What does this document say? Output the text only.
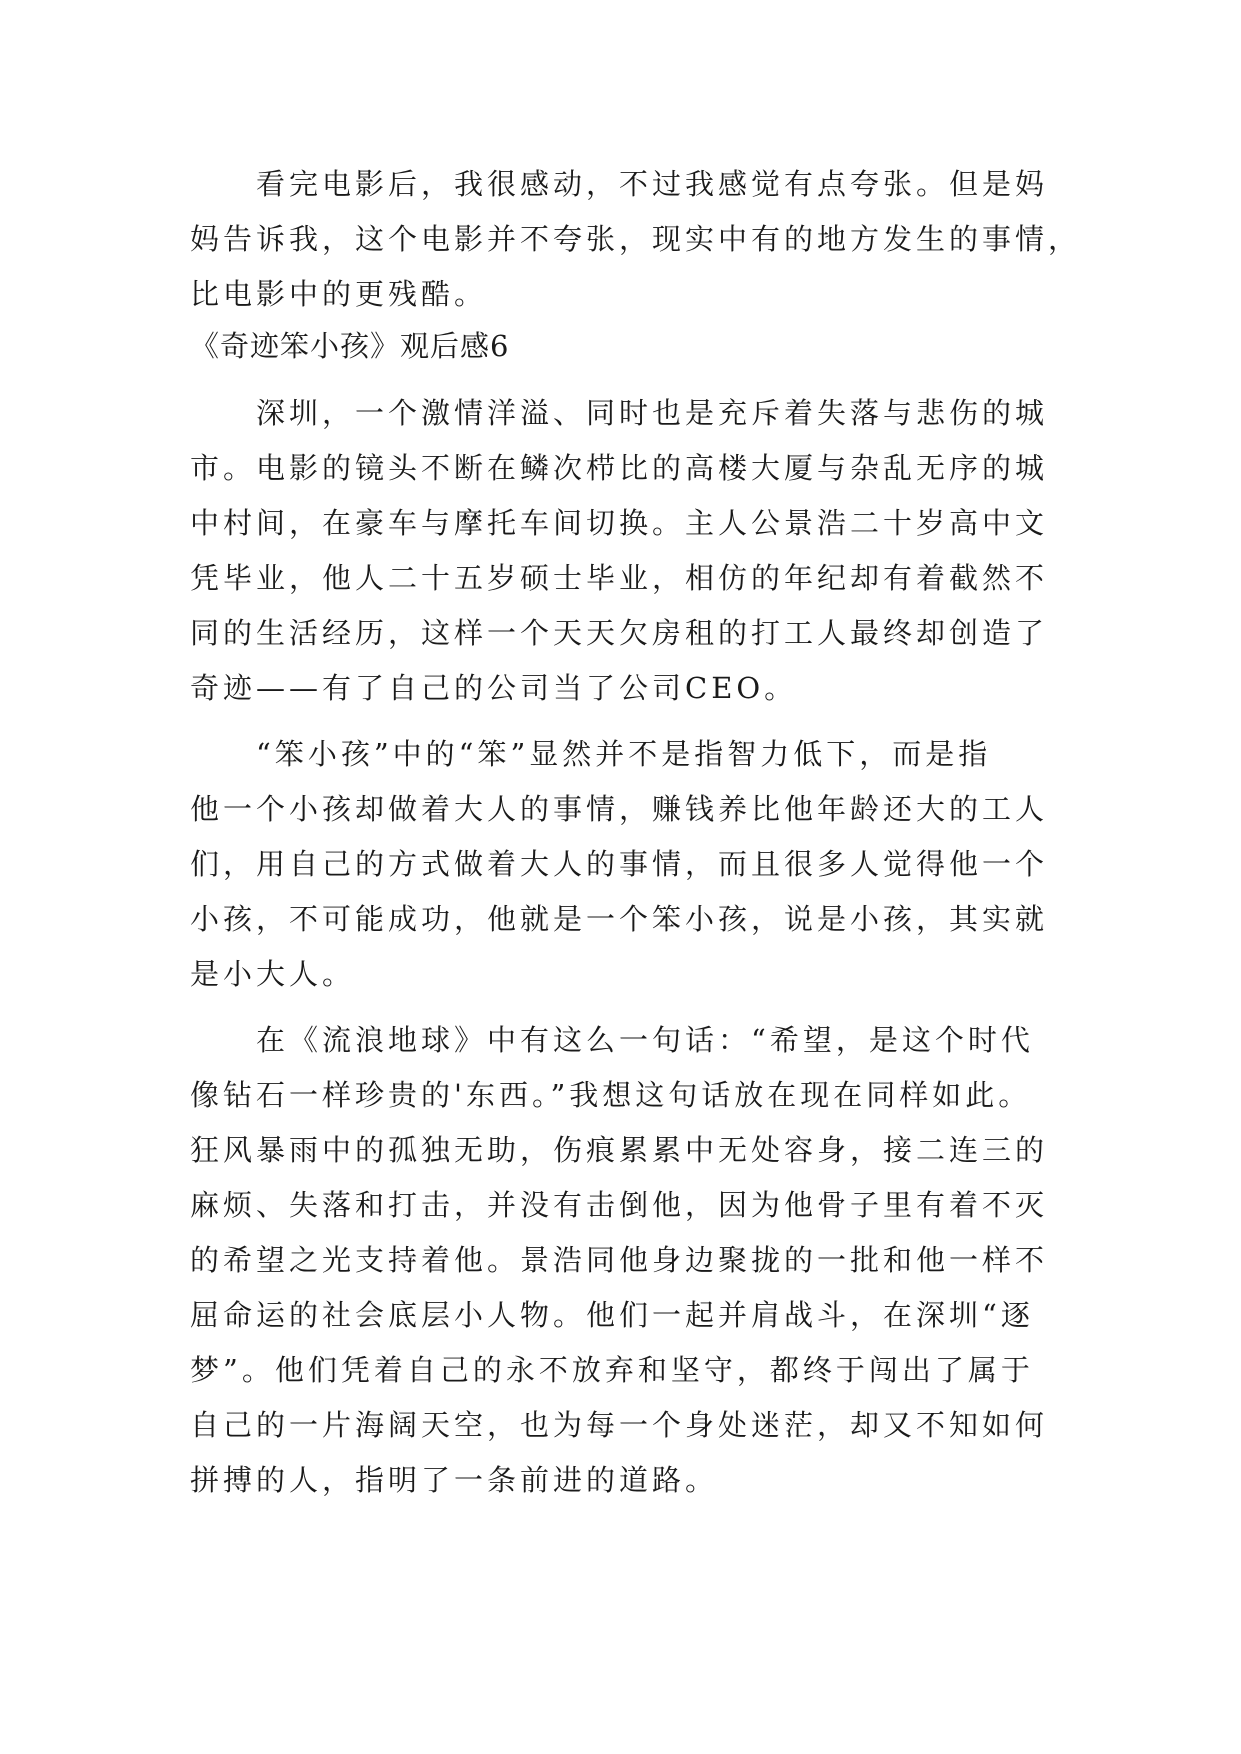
　　看完电影后，我很感动，不过我感觉有点夸张。但是妈
妈告诉我，这个电影并不夸张，现实中有的地方发生的事情，
比电影中的更残酷。
《奇迹笨小孩》观后感6
　　深圳，一个激情洋溢、同时也是充斥着失落与悲伤的城
市。电影的镜头不断在鳞次栉比的高楼大厦与杂乱无序的城
中村间，在豪车与摩托车间切换。主人公景浩二十岁高中文
凭毕业，他人二十五岁硕士毕业，相仿的年纪却有着截然不
同的生活经历，这样一个天天欠房租的打工人最终却创造了
奇迹——有了自己的公司当了公司CEO。
　　“笨小孩”中的“笨”显然并不是指智力低下，而是指
他一个小孩却做着大人的事情，赚钱养比他年龄还大的工人
们，用自己的方式做着大人的事情，而且很多人觉得他一个
小孩，不可能成功，他就是一个笨小孩，说是小孩，其实就
是小大人。
　　在《流浪地球》中有这么一句话：“希望，是这个时代
像钻石一样珍贵的'东西。”我想这句话放在现在同样如此。
狂风暴雨中的孤独无助，伤痕累累中无处容身，接二连三的
麻烦、失落和打击，并没有击倒他，因为他骨子里有着不灭
的希望之光支持着他。景浩同他身边聚拢的一批和他一样不
屈命运的社会底层小人物。他们一起并肩战斗，在深圳“逐
梦”。他们凭着自己的永不放弃和坚守，都终于闯出了属于
自己的一片海阔天空，也为每一个身处迷茫，却又不知如何
拼搏的人，指明了一条前进的道路。
